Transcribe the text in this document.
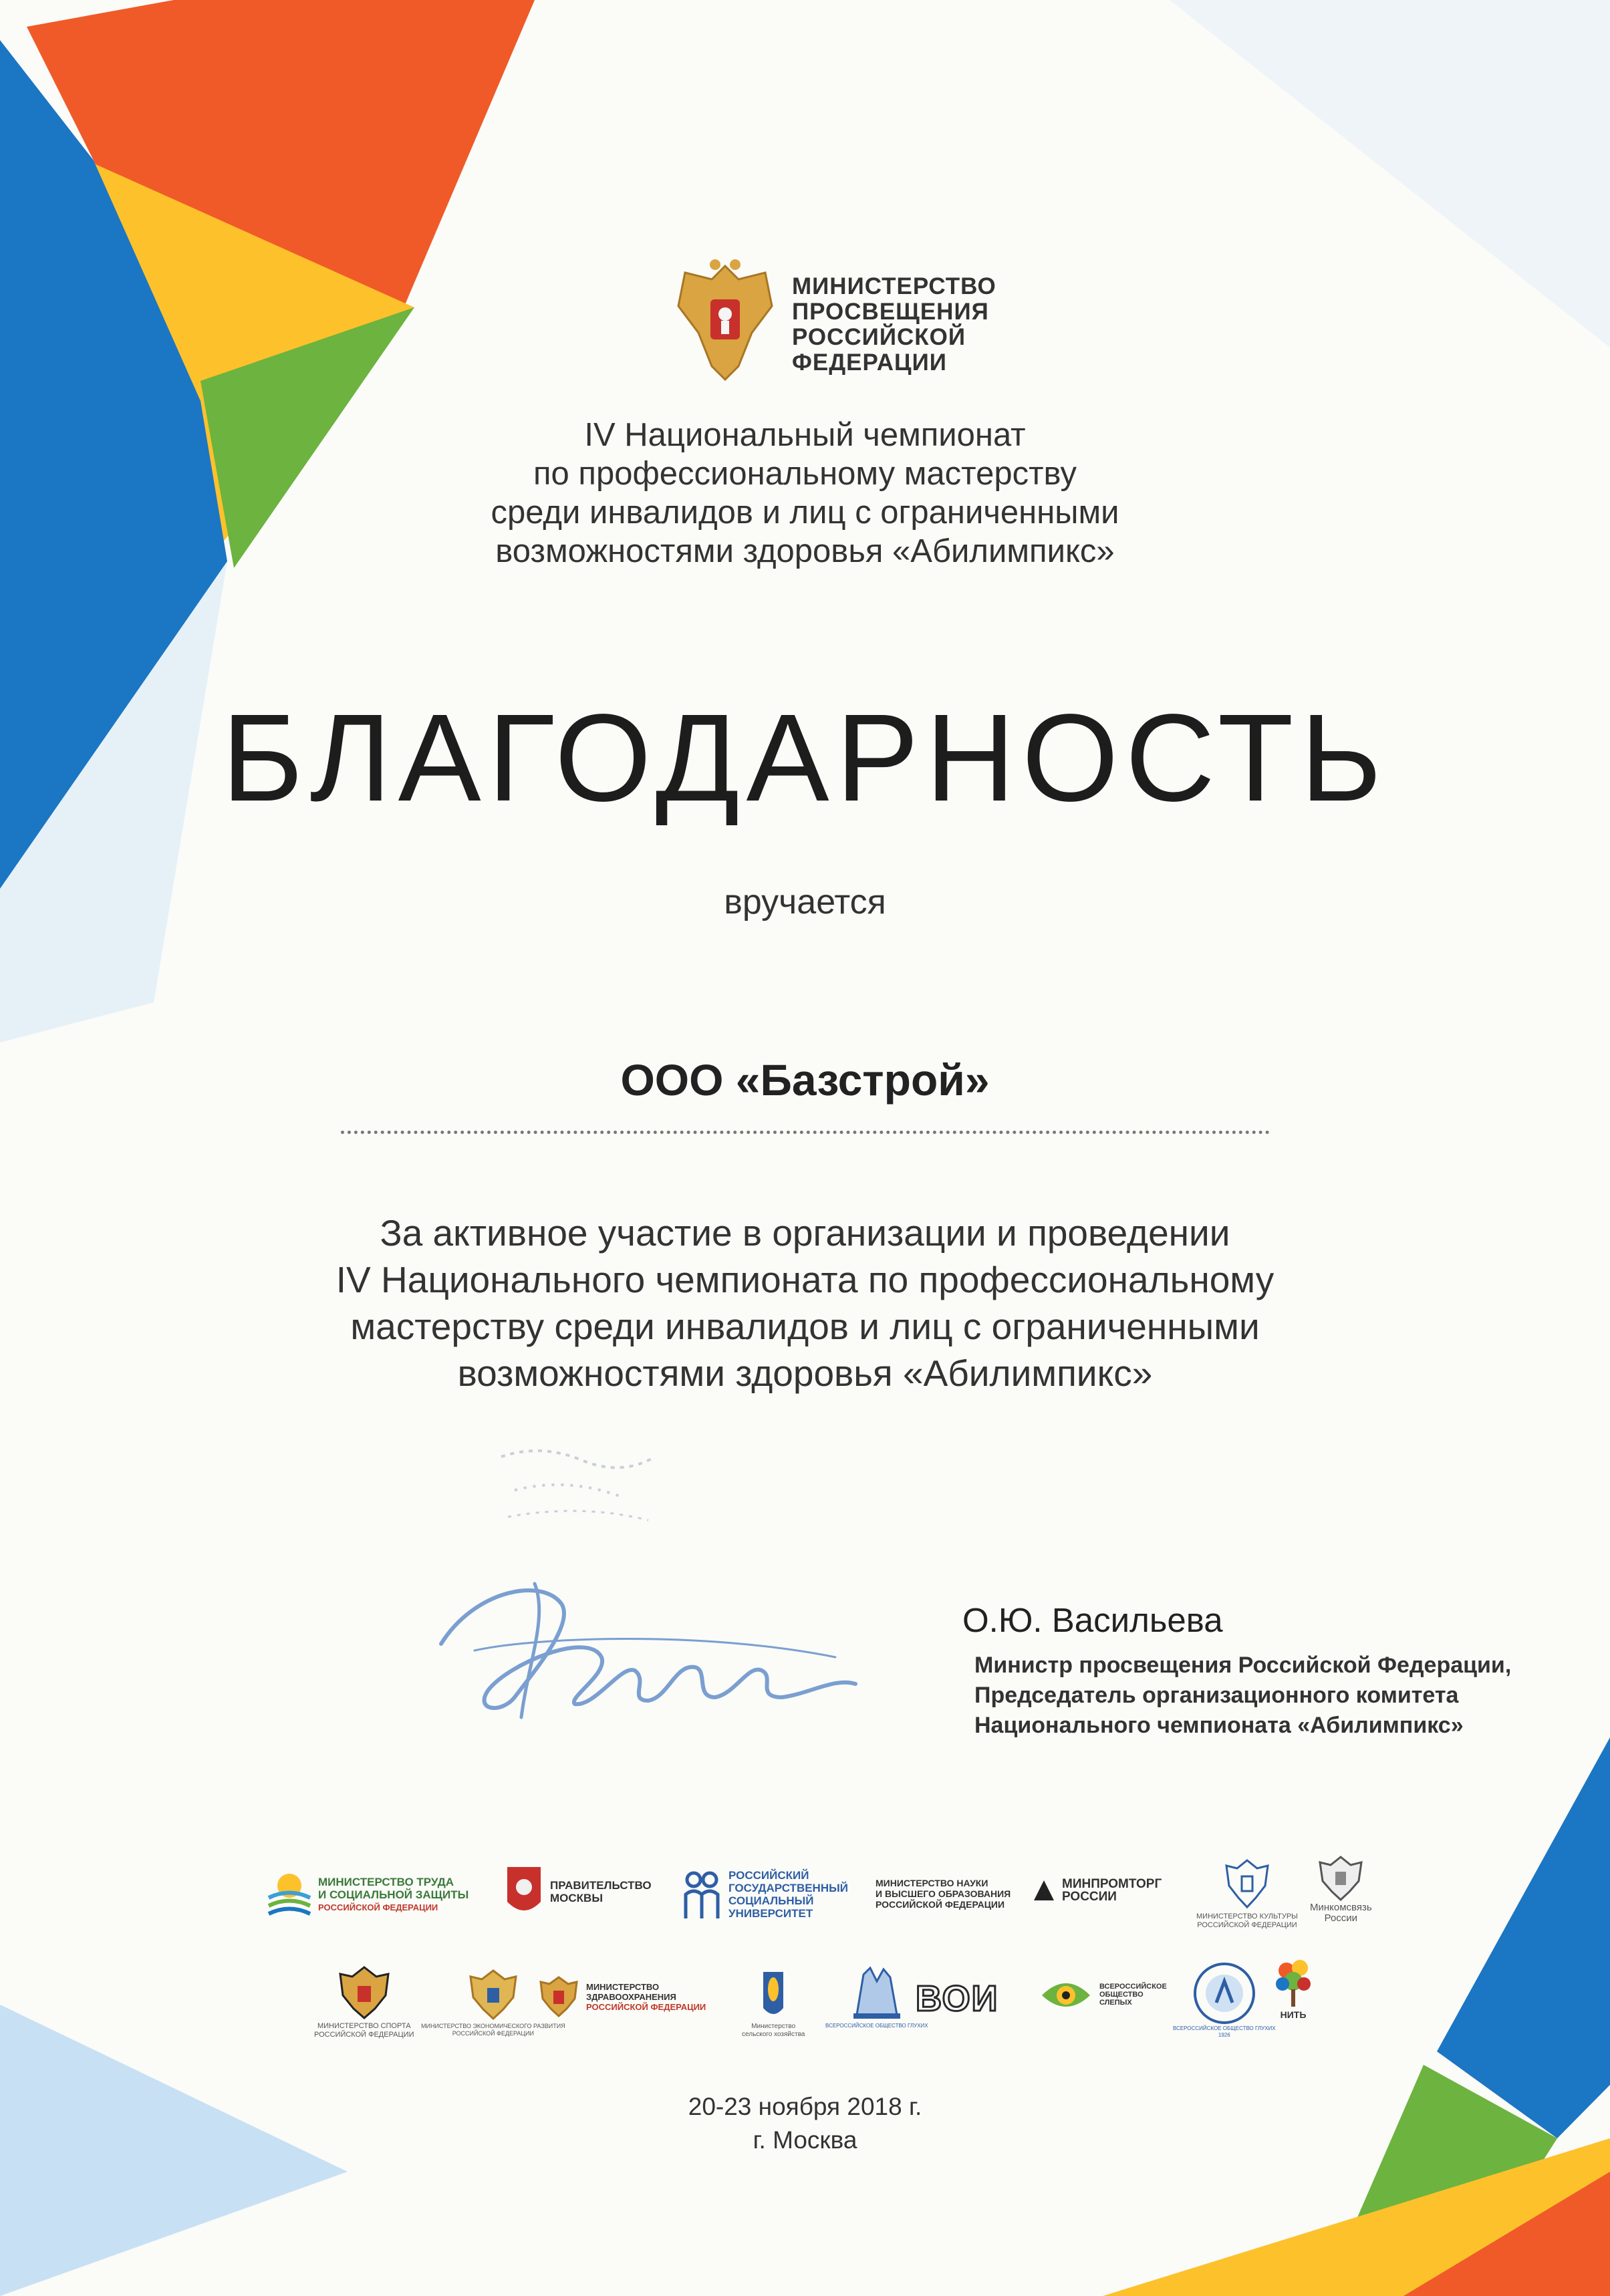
МИНИСТЕРСТВО
ПРОСВЕЩЕНИЯ
РОССИЙСКОЙ
ФЕДЕРАЦИИ
IV Национальный чемпионат
по профессиональному мастерству
среди инвалидов и лиц с ограниченными
возможностями здоровья «Абилимпикс»
БЛАГОДАРНОСТЬ
вручается
ООО «Базстрой»
За активное участие в организации и проведении
IV Национального чемпионата по профессиональному
мастерству среди инвалидов и лиц с ограниченными
возможностями здоровья «Абилимпикс»
О.Ю. Васильева
Министр просвещения Российской Федерации,
Председатель организационного комитета
Национального чемпионата «Абилимпикс»
МИНИСТЕРСТВО ТРУДА
И СОЦИАЛЬНОЙ ЗАЩИТЫ
РОССИЙСКОЙ ФЕДЕРАЦИИ
ПРАВИТЕЛЬСТВО
МОСКВЫ
РОССИЙСКИЙ
ГОСУДАРСТВЕННЫЙ
СОЦИАЛЬНЫЙ
УНИВЕРСИТЕТ
МИНИСТЕРСТВО НАУКИ
И ВЫСШЕГО ОБРАЗОВАНИЯ
РОССИЙСКОЙ ФЕДЕРАЦИИ
МИНПРОМТОРГ
РОССИИ
МИНИСТЕРСТВО КУЛЬТУРЫ
РОССИЙСКОЙ ФЕДЕРАЦИИ
Минкомсвязь
России
МИНИСТЕРСТВО СПОРТА
РОССИЙСКОЙ ФЕДЕРАЦИИ
МИНИСТЕРСТВО ЭКОНОМИЧЕСКОГО РАЗВИТИЯ
РОССИЙСКОЙ ФЕДЕРАЦИИ
МИНИСТЕРСТВО
ЗДРАВООХРАНЕНИЯ
РОССИЙСКОЙ ФЕДЕРАЦИИ
Министерство
сельского хозяйства
ВСЕРОССИЙСКОЕ ОБЩЕСТВО ГЛУХИХ
ВОИ	ВСЕРОССИЙСКОЕ
ОБЩЕСТВО
СЛЕПЫХ
ВСЕРОССИЙСКОЕ ОБЩЕСТВО ГЛУХИХ
1926
НИТЬ
20-23 ноября 2018 г.
г. Москва
